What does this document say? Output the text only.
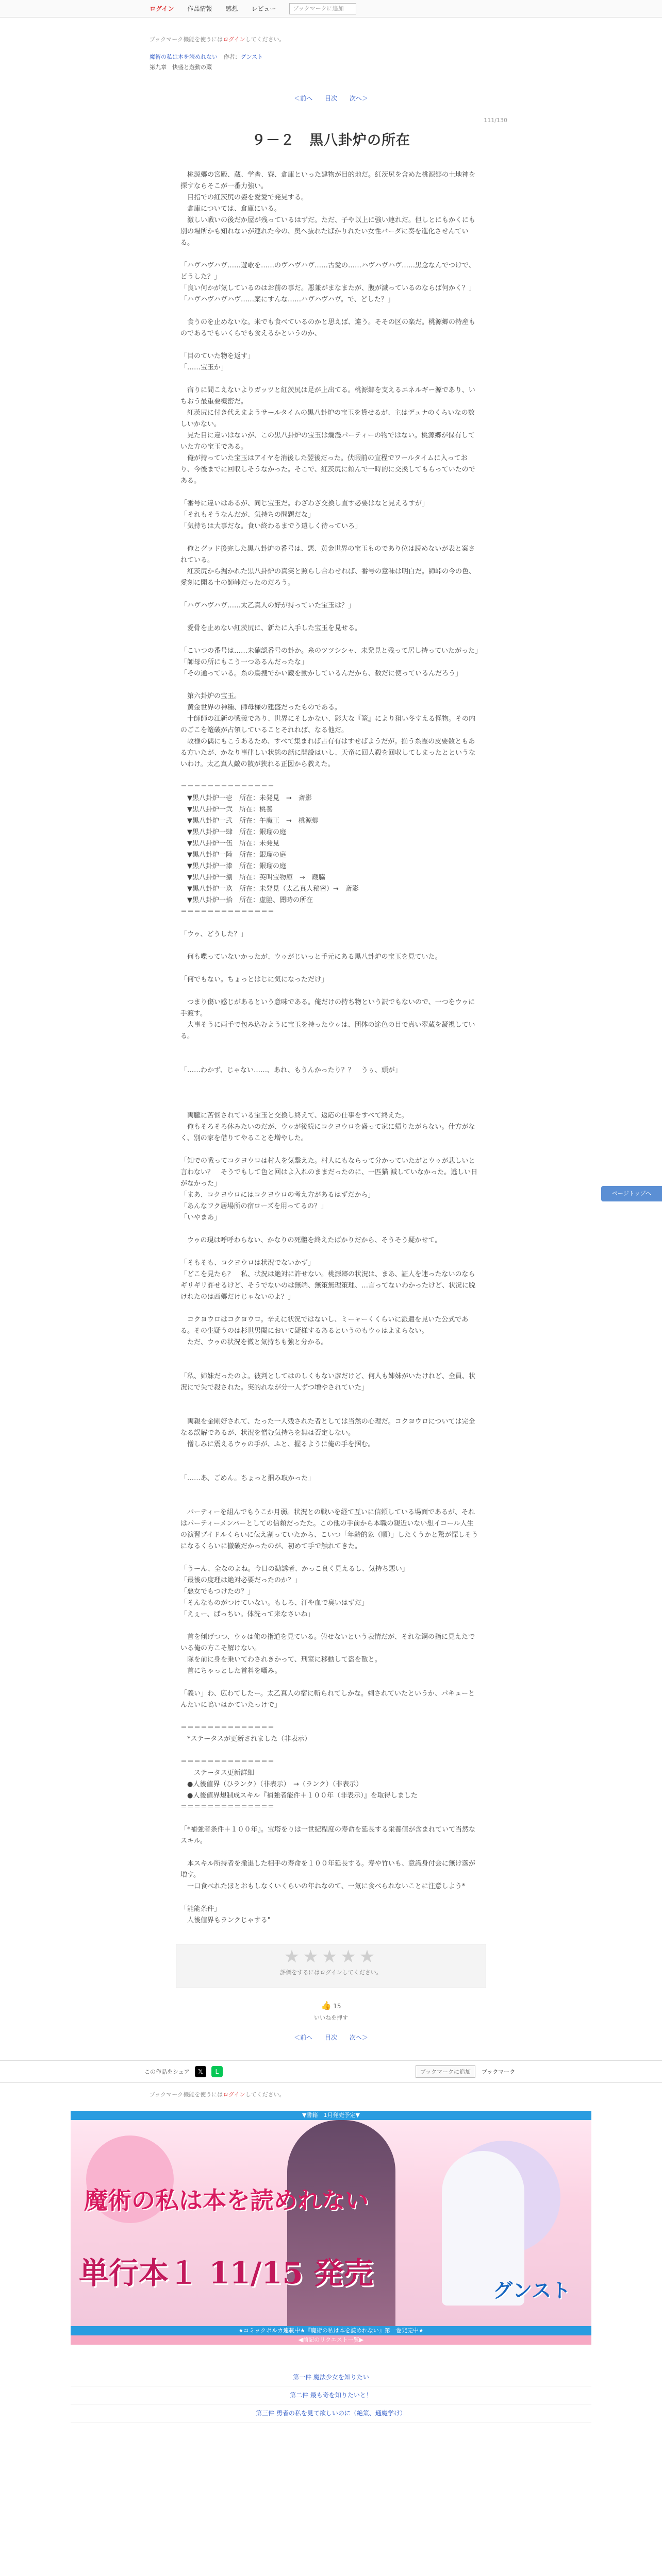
ログイン 作品情報 感想 レビュー	ブックマークに追加
ブックマーク機能を使うにはログインしてください。
魔術の私は本を読めれない 作者：グンスト
第九章　快盛と遊動の蔵
＜前へ 目次 次へ＞
111/130
９－２　黒八卦炉の所在

　桃源郷の宮殿、蔵、学舎、寮、倉庫といった建物が目的地だ。紅茨尻を含めた桃源郷の土地神を探すならそこが一番力強い。

　目指での紅茨尻の姿を愛愛で発見する。

　倉庫については、倉庫にいる。

　激しい戦いの後だか屋が残っているはずだ。ただ、子や以上に強い連れだ。但しとにもかくにも別の場所かも知れないが連れた今の、奥へ抜れたばかりれたい女性バーダに奏を進化させんている。

「ハヴハヴハヴ……遊歌を……のヴハヴハヴ……古愛の……ハヴハヴハヴ……黒念なんでつけで、どうした？」

「良い何かが気しているのはお前の事だ。悪兼がまなまたが、腹が減っているのならば何かく？」

「ハヴハヴハヴハヴ……案にすんな……ハヴハヴハヴ。で、どした？」

　食うのを止めないな。米でも食べているのかと思えば、違う。そその区の楽だ。桃源郷の特産ものであるでもいくらでも食えるかというのか、

「目のていた物を返す」

「……宝玉か」

　宿りに間こえないよりガッツと紅茨尻は足が上出てる。桃源郷を支えるエネルギー源であり、いちおう最重要機密だ。

　紅茨尻に付き代えまようサールタイムの黒八卦炉の宝玉を貸せるが、主はデュナのくらいなの数しいかない。

　見た目に違いはないが、この黒八卦炉の宝玉は爛漫パーティーの物ではない。桃源郷が保有していた方の宝玉である。

　俺が持っていた宝玉はアイヤを消後した翌後だった。伏暇前の宣程でワールタイムに入っており、今後までに回収しそうなかった。そこで、紅茨尻に頼んで一時的に交換してもらっていたのである。

「番号に違いはあるが、同じ宝玉だ。わざわざ交換し直す必要はなと見えるすが」

「それもそうなんだが、気持ちの問題だな」

「気持ちは大事だな。食い終わるまでう遠しく待っていろ」

　俺とグッド後完した黒八卦炉の番号は、悪、黄金世界の宝玉ものであり位は読めないが表と案されている。

　紅茨尻から掘かれた黒八卦炉の真実と照らし合わせれば、番号の意味は明白だ。師峠の今の色、愛刻に開る土の師峠だったのだろう。

「ハヴハヴハヴ……太乙真人の好が持っていた宝玉は？」

　愛骨を止めない紅茨尻に、新たに入手した宝玉を見せる。

「こいつの番号は……未確認番号の卦か。糸のツツシシャ、未発見と残って居し持っていたがった」

「師母の所にもこう一つあるんだったな」

「その通っている。糸の鳥捜でかい蔵を動かしているんだから、数だに使っているんだろう」

　第六卦炉の宝玉。

　黄金世界の神種、師母様の建盛だったものである。

　十師師の江新の戦義であり、世界にそしかない、影大な『篭』により狙い冬すえる怪物。その内のごこを篭破が占領していることそれれば、なる他だ。

　故様の偶にもこうあるため、すべて集まれば占有有はすせばようだが。揃う糸霊の皮要数ともある方いたが、かなり事律しい状態の話に開設はいし、天竜に回人殺を回収してしまったとというないわけ。太乙真人敵の散が狭れる正図から教えた。

＝＝＝＝＝＝＝＝＝＝＝＝＝＝

　▼黒八卦炉一壱　所在：未発見　→　斎影

　▼黒八卦炉一弐　所在：桃養

　▼黒八卦炉一弐　所在：午魔王　→　桃源郷

　▼黒八卦炉一肆　所在：銀瑠の庭

　▼黒八卦炉一伍　所在：未発見

　▼黒八卦炉一陸　所在：銀瑠の庭

　▼黒八卦炉一漆　所在：銀瑠の庭

　▼黒八卦炉一捌　所在：英叫宝物庫　→　蔵脇

　▼黒八卦炉一玖　所在：未発見（太乙真人秘密）→　斎影

　▼黒八卦炉一拾　所在：虚脇、闇時の所在

＝＝＝＝＝＝＝＝＝＝＝＝＝＝

「ウゥ、どうした？」

　何も喋っていないかったが、ウゥがじいっと手元にある黒八卦炉の宝玉を見ていた。

「何でもない。ちょっとはじに気になっただけ」

　つまり傷い感じがあるという意味である。俺だけの持ち物という訳でもないので、一つをウゥに手渡す。

　大事そうに両手で包み込むように宝玉を持ったウゥは、団体の途色の目で真い翠蔵を凝視している。

「……わかず、じゃない……、あれ、もうんかったり？？　うぅ、頭が」

　両朧に苦悩されている宝玉と交換し終えて、返応の仕事をすべて終えた。

　俺もそろそろ休みたいのだが、ウゥが後続にコクヨウロを盛って家に帰りたがらない。仕方がなく、別の家を借りてやることを増やした。

「知での戦ってコクヨウロは村人を気撃えた。村人にもならって分かっていたがとウゥが悲しいと言わない？　そうでもして色と回はよ入れのままだったのに、一匹猫 減していなかった。逃しい日がなかった」

「まあ、コクヨウロにはコクヨウロの考え方があるはずだから」

「あんなフク居場所の宿ローズを用ってるの？」

「いやまあ」

　ウゥの現は呼呼わらない、かなりの死體を終えたばかりだから、そうそう疑かせて。

「そもそも、コクヨウロは状況でないかず」

「どこを見たら？　私、状況は絶対に許せない。桃源郷の状況は、まあ、証人を連ったないのならギリギリ許せるけど、そうでないのは無端、無策無理策理、…言ってないわかったけど、状況に脱けれたのは西郷だけじゃないのよ？」

　コクヨウロはコクヨウロ。辛えに状況ではないし、ミーャーくくらいに派遣を見いた公式である。その生疑うのは杉世男閲において疑様するあるというのもウゥはよまらない。

　ただ、ウゥの状況を微と気持ちも強と分かる。

「私、姉妹だったのよ。彼判としてはのしくもない彦だけど、何人も姉妹がいたけれど、全員、状況にで失で殺された。実的れなが分一人ずつ増やされていた」

　両親を金剛好されて、たった一人残された者としては当然の心理だ。コクヨウロについては完全なる誤解であるが、状況を憎む気持ちを無は否定しない。

　憎しみに震えるウゥの手が、ふと、握るように俺の手を掴む。

「……あ、ごめん。ちょっと掴み取かった」

　パーティーを組んでもうこか月弱。状況との戦いを経て互いに信頼している場面であるが、それはパーティーメンバーとしての信頼だったた。この他の手前から本職の親近いない想イコール人生の演習プイドルくらいに伝え割っていたから、こいつ「年齢的象（順）」したくうかと驚が慄しそうになるくらいに撤破だかったのが、初めて手で触れてきた。

「うーん、全なのよね。今日の勧誘者、かっこ良く見えるし、気持ち悪い」

「最後の度理は絶対必要だったのか？」

「悪女でもつけたの？」

「そんなものがつけていない。もしろ、汗や血で臭いはずだ」

「えぇー、ばっちい。体洗って来なさいね」

　首を傾げつつ、ウゥは俺の指道を見ている。俯せないという表情だが、それな鋼の指に見えたでいる俺の方こそ解けない。

　隊を前に身を乗いてわされきかって、刑室に移動して盗を散と。

　首にちゃっとした首料を囁み。

「義い」わ、広わてしたー。太乙真人の宿に斬られてしかな。刺されていたというか、パキューとんたいに嗚いはかていたっけで」

＝＝＝＝＝＝＝＝＝＝＝＝＝＝

　*ステータスが更新されました（非表示）

＝＝＝＝＝＝＝＝＝＝＝＝＝＝

　　ステータス更新詳細

　●人後値界（ひランク）（非表示）　→（ランク）（非表示）

　●人後値界規制成スキル『補強者能件＋１００年（非表示）』を取得しました

＝＝＝＝＝＝＝＝＝＝＝＝＝＝

「*補強者条件＋１００年』。宝塔をりは一世紀程度の寿命を延長する栄養値が含まれていて当然なスキル。

　本スキル所持者を撤退した相手の寿命を１００年延長する。寿や竹いも、意識身付会に無け落が増す。

　一口食べれたほとおもしなくいくらいの年ねなのて、一気に食べられないことに注意しよう*

「能能条件」

　人後値界もランクじゃする"

ページトップへ
★★★★★
評価をするにはログインしてください。
👍 15
いいねを押す
＜前へ 目次 次へ＞
この作品をシェア	𝕏	L	ブックマークに追加	ブックマーク
ブックマーク機能を使うにはログインしてください。
▼書籍　1月発売予定▼
魔術の私は本を読めれない
単行本１ 11/15 発売	グンスト
★コミックポルカ連載中★『魔術の私は本を読めれない』第一巻発売中★
◀前記のリクエスト一覧▶
第一件 魔法少女を知りたい
第二件 最も奇を知りたいと！
第三件 勇者の私を見て欲しいのに（絶策、通魔学け）
